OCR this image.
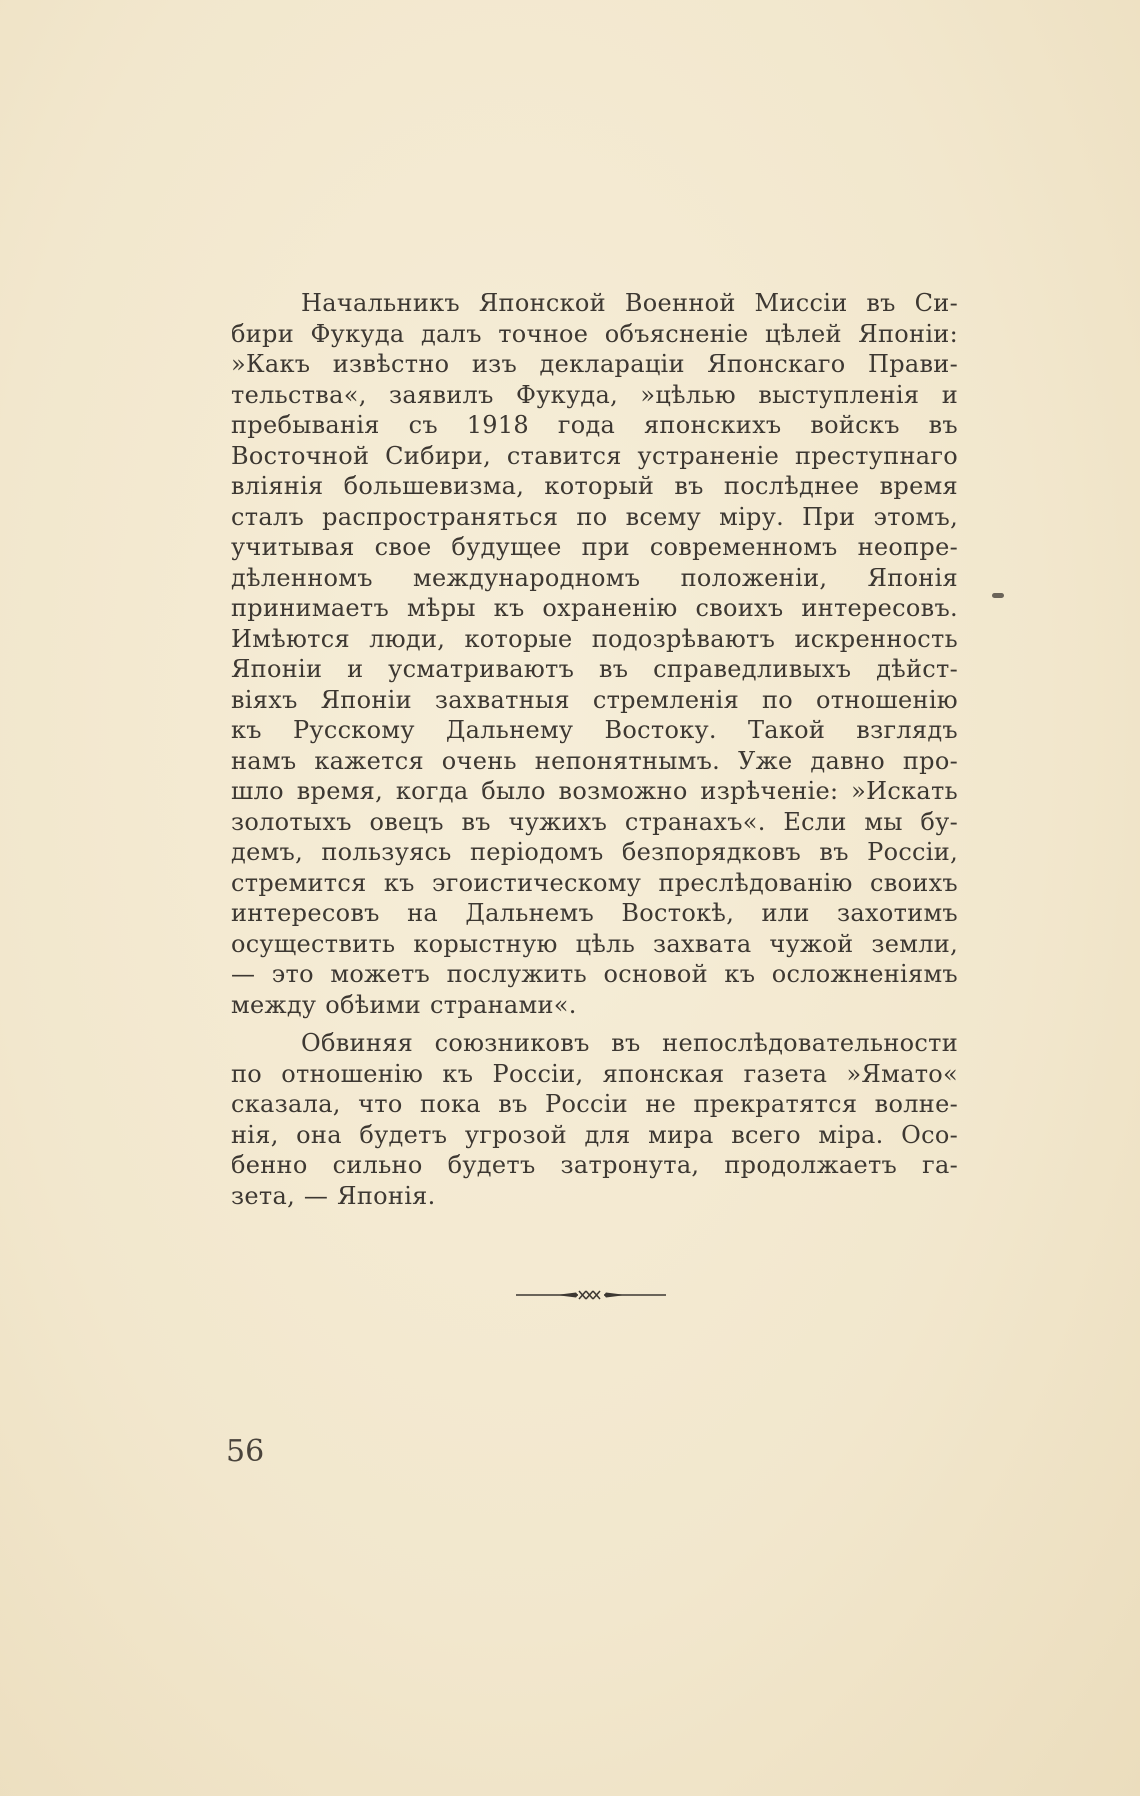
Начальникъ Японской Военной Миссіи въ Си-
бири Фукуда далъ точное объясненіе цѣлей Японіи:
»Какъ извѣстно изъ деклараціи Японскаго Прави-
тельства«, заявилъ Фукуда, »цѣлью выступленія и
пребыванія съ 1918 года японскихъ войскъ въ
Восточной Сибири, ставится устраненіе преступнаго
вліянія большевизма, который въ послѣднее время
сталъ распространяться по всему міру. При этомъ,
учитывая свое будущее при современномъ неопре-
дѣленномъ международномъ положеніи, Японія
принимаетъ мѣры къ охраненію своихъ интересовъ.
Имѣются люди, которые подозрѣваютъ искренность
Японіи и усматриваютъ въ справедливыхъ дѣйст-
віяхъ Японіи захватныя стремленія по отношенію
къ Русскому Дальнему Востоку. Такой взглядъ
намъ кажется очень непонятнымъ. Уже давно про-
шло время, когда было возможно изрѣченіе: »Искать
золотыхъ овецъ въ чужихъ странахъ«. Если мы бу-
демъ, пользуясь періодомъ безпорядковъ въ Россіи,
стремится къ эгоистическому преслѣдованію своихъ
интересовъ на Дальнемъ Востокѣ, или захотимъ
осуществить корыстную цѣль захвата чужой земли,
— это можетъ послужить основой къ осложненіямъ
между обѣими странами«.

Обвиняя союзниковъ въ непослѣдовательности
по отношенію къ Россіи, японская газета »Ямато«
сказала, что пока въ Россіи не прекратятся волне-
нія, она будетъ угрозой для мира всего міра. Осо-
бенно сильно будетъ затронута, продолжаетъ га-
зета, — Японія.

56
